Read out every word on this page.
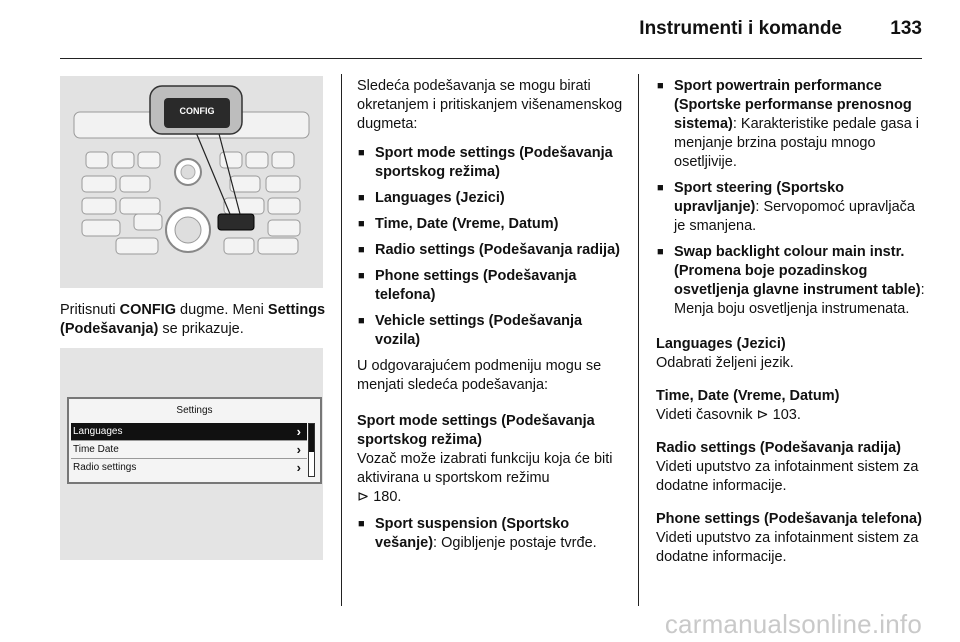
Instrumenti i komande	133
CONFIG
Pritisnuti CONFIG dugme. Meni Settings (Podešavanja) se prikazuje.
Settings
Languages	›
Time Date	›
Radio settings	›

Sledeća podešavanja se mogu birati okretanjem i pritiskanjem višenamenskog dugmeta:

■ Sport mode settings (Podešavanja sportskog režima)
■ Languages (Jezici)
■ Time, Date (Vreme, Datum)
■ Radio settings (Podešavanja radija)
■ Phone settings (Podešavanja telefona)
■ Vehicle settings (Podešavanja vozila)

U odgovarajućem podmeniju mogu se menjati sledeća podešavanja:

Sport mode settings (Podešavanja sportskog režima)

Vozač može izabrati funkciju koja će biti aktivirana u sportskom režimu
⊳ 180.

■ Sport suspension (Sportsko vešanje): Ogibljenje postaje tvrđe.
■ Sport powertrain performance (Sportske performanse prenosnog sistema): Karakteristike pedale gasa i menjanje brzina postaju mnogo osetljivije.
■ Sport steering (Sportsko upravljanje): Servopomoć upravljača je smanjena.
■ Swap backlight colour main instr. (Promena boje pozadinskog osvetljenja glavne instrument table): Menja boju osvetljenja instrumenata.

Languages (Jezici)

Odabrati željeni jezik.

Time, Date (Vreme, Datum)

Videti časovnik ⊳ 103.

Radio settings (Podešavanja radija)

Videti uputstvo za infotainment sistem za dodatne informacije.

Phone settings (Podešavanja telefona)

Videti uputstvo za infotainment sistem za dodatne informacije.

carmanualsonline.info
